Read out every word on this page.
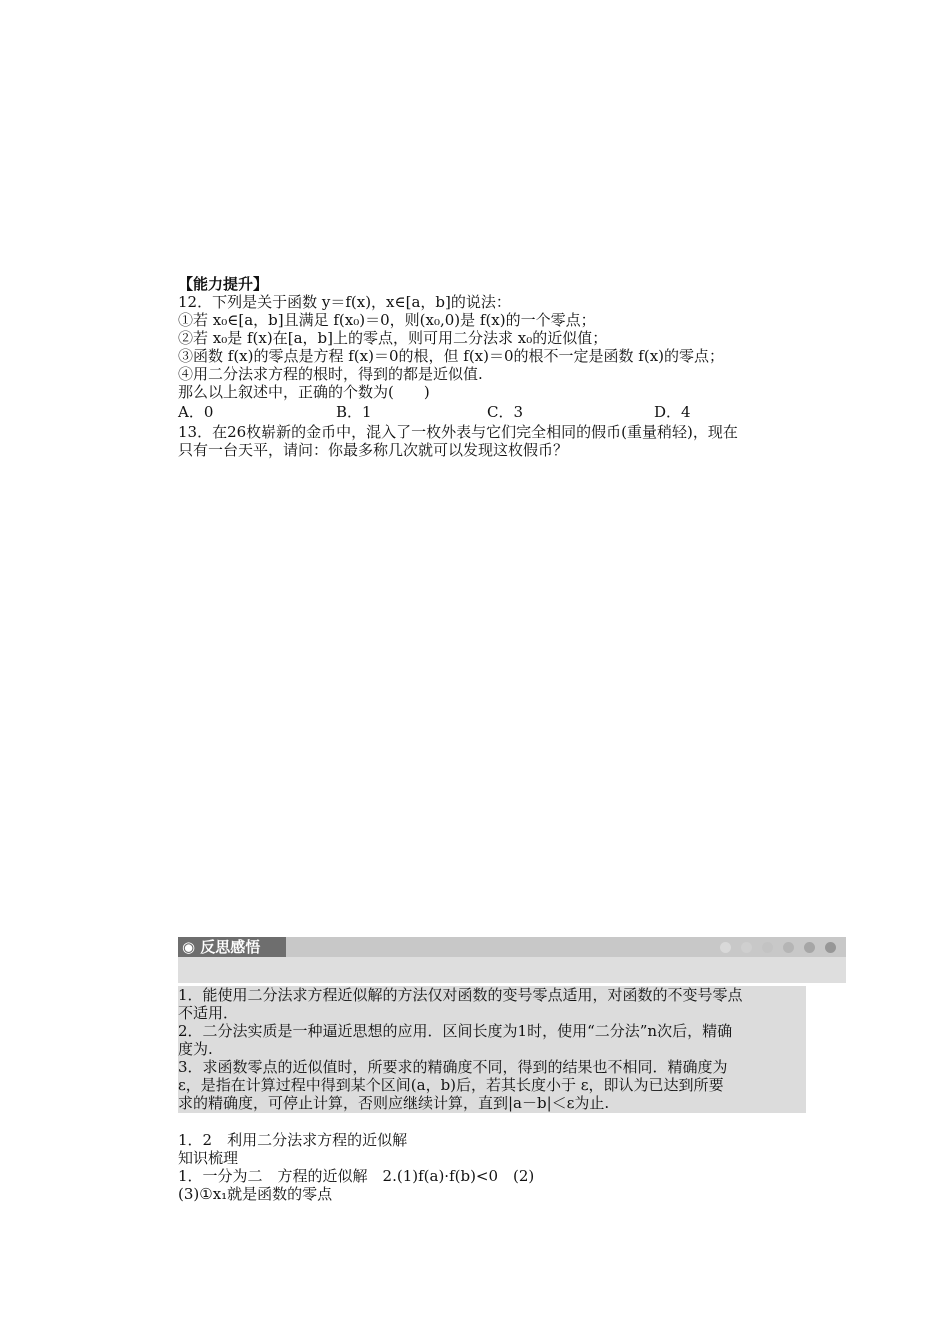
【能力提升】
12．下列是关于函数 y＝f(x)，x∈[a，b]的说法：
①若 x₀∈[a，b]且满足 f(x₀)＝0，则(x₀,0)是 f(x)的一个零点；
②若 x₀是 f(x)在[a，b]上的零点，则可用二分法求 x₀的近似值；
③函数 f(x)的零点是方程 f(x)＝0的根，但 f(x)＝0的根不一定是函数 f(x)的零点；
④用二分法求方程的根时，得到的都是近似值.
那么以上叙述中，正确的个数为(　　)
A．0	B．1	C．3	D．4
13．在26枚崭新的金币中，混入了一枚外表与它们完全相同的假币(重量稍轻)，现在
只有一台天平，请问：你最多称几次就可以发现这枚假币？
◉ 反思感悟
1．能使用二分法求方程近似解的方法仅对函数的变号零点适用，对函数的不变号零点
不适用．
2．二分法实质是一种逼近思想的应用．区间长度为1时，使用“二分法”n次后，精确
度为.
3．求函数零点的近似值时，所要求的精确度不同，得到的结果也不相同．精确度为
ε，是指在计算过程中得到某个区间(a，b)后，若其长度小于 ε，即认为已达到所要
求的精确度，可停止计算，否则应继续计算，直到|a－b|＜ε为止.
1．2　利用二分法求方程的近似解
知识梳理
1．一分为二　方程的近似解　2.(1)f(a)·f(b)<0　(2)
(3)①x₁就是函数的零点
